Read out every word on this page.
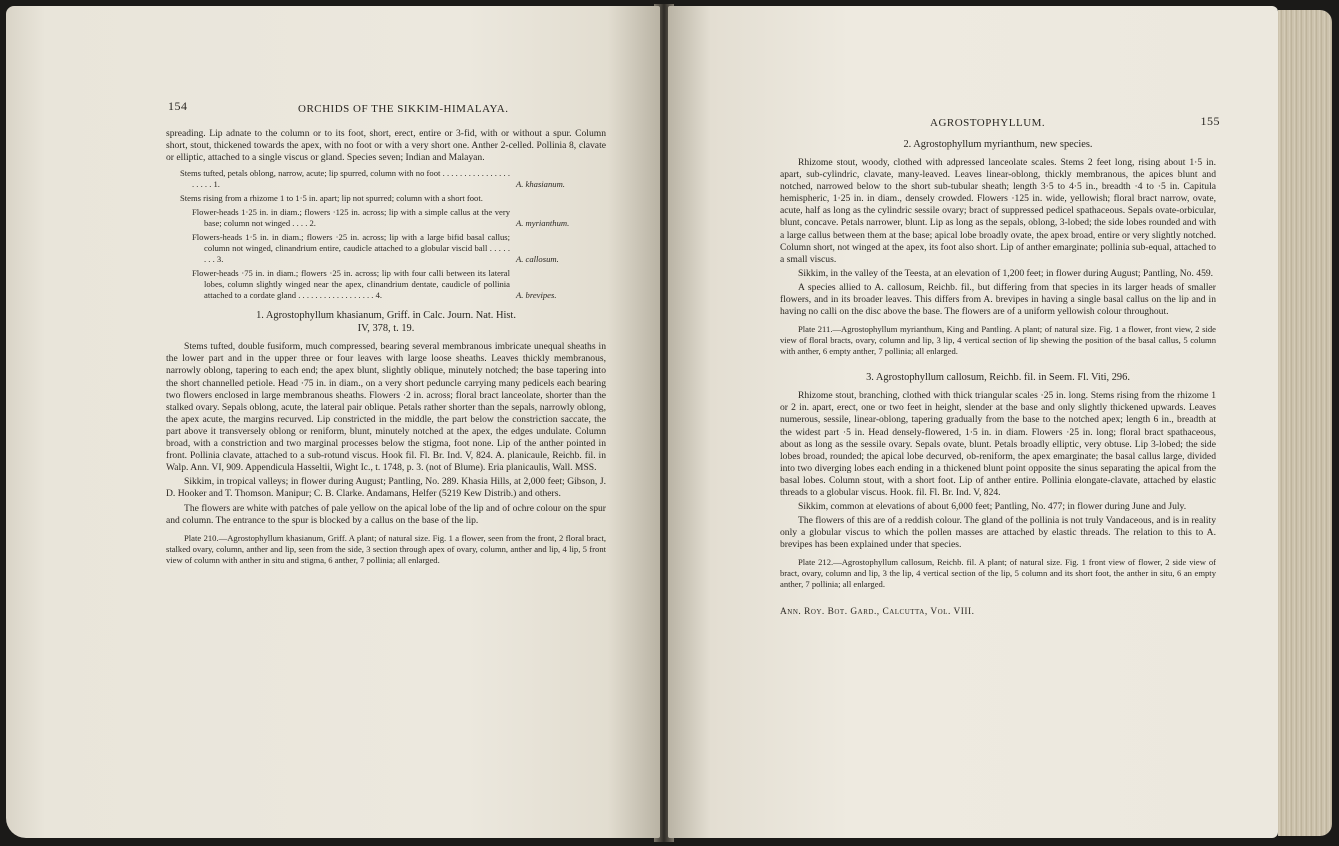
154	ORCHIDS OF THE SIKKIM-HIMALAYA.

spreading. Lip adnate to the column or to its foot, short, erect, entire or 3-fid, with or without a spur. Column short, stout, thickened towards the apex, with no foot or with a very short one. Anther 2-celled. Pollinia 8, clavate or elliptic, attached to a single viscus or gland. Species seven; Indian and Malayan.

Stems tufted, petals oblong, narrow, acute; lip spurred, column with no foot . . . . . . . . . . . . . . . . . . . . . 1.	A. khasianum.
Stems rising from a rhizome 1 to 1·5 in. apart; lip not spurred; column with a short foot.
Flower-heads 1·25 in. in diam.; flowers ·125 in. across; lip with a simple callus at the very base; column not winged . . . . 2.	A. myrianthum.
Flowers-heads 1·5 in. in diam.; flowers ·25 in. across; lip with a large bifid basal callus; column not winged, clinandrium entire, caudicle attached to a globular viscid ball . . . . . . . . 3.	A. callosum.
Flower-heads ·75 in. in diam.; flowers ·25 in. across; lip with four calli between its lateral lobes, column slightly winged near the apex, clinandrium dentate, caudicle of pollinia attached to a cordate gland . . . . . . . . . . . . . . . . . . 4.	A. brevipes.
1. Agrostophyllum khasianum, Griff. in Calc. Journ. Nat. Hist.
IV, 378, t. 19.

Stems tufted, double fusiform, much compressed, bearing several membranous imbricate unequal sheaths in the lower part and in the upper three or four leaves with large loose sheaths. Leaves thickly membranous, narrowly oblong, tapering to each end; the apex blunt, slightly oblique, minutely notched; the base tapering into the short channelled petiole. Head ·75 in. in diam., on a very short peduncle carrying many pedicels each bearing two flowers enclosed in large membranous sheaths. Flowers ·2 in. across; floral bract lanceolate, shorter than the stalked ovary. Sepals oblong, acute, the lateral pair oblique. Petals rather shorter than the sepals, narrowly oblong, the apex acute, the margins recurved. Lip constricted in the middle, the part below the constriction saccate, the part above it transversely oblong or reniform, blunt, minutely notched at the apex, the edges undulate. Column broad, with a constriction and two marginal processes below the stigma, foot none. Lip of the anther pointed in front. Pollinia clavate, attached to a sub-rotund viscus. Hook fil. Fl. Br. Ind. V, 824. A. planicaule, Reichb. fil. in Walp. Ann. VI, 909. Appendicula Hasseltii, Wight Ic., t. 1748, p. 3. (not of Blume). Eria planicaulis, Wall. MSS.

Sikkim, in tropical valleys; in flower during August; Pantling, No. 289. Khasia Hills, at 2,000 feet; Gibson, J. D. Hooker and T. Thomson. Manipur; C. B. Clarke. Andamans, Helfer (5219 Kew Distrib.) and others.

The flowers are white with patches of pale yellow on the apical lobe of the lip and of ochre colour on the spur and column. The entrance to the spur is blocked by a callus on the base of the lip.

Plate 210.—Agrostophyllum khasianum, Griff. A plant; of natural size. Fig. 1 a flower, seen from the front, 2 floral bract, stalked ovary, column, anther and lip, seen from the side, 3 section through apex of ovary, column, anther and lip, 4 lip, 5 front view of column with anther in situ and stigma, 6 anther, 7 pollinia; all enlarged.

AGROSTOPHYLLUM.	155
2. Agrostophyllum myrianthum, new species.

Rhizome stout, woody, clothed with adpressed lanceolate scales. Stems 2 feet long, rising about 1·5 in. apart, sub-cylindric, clavate, many-leaved. Leaves linear-oblong, thickly membranous, the apices blunt and notched, narrowed below to the short sub-tubular sheath; length 3·5 to 4·5 in., breadth ·4 to ·5 in. Capitula hemispheric, 1·25 in. in diam., densely crowded. Flowers ·125 in. wide, yellowish; floral bract narrow, ovate, acute, half as long as the cylindric sessile ovary; bract of suppressed pedicel spathaceous. Sepals ovate-orbicular, blunt, concave. Petals narrower, blunt. Lip as long as the sepals, oblong, 3-lobed; the side lobes rounded and with a large callus between them at the base; apical lobe broadly ovate, the apex broad, entire or very slightly notched. Column short, not winged at the apex, its foot also short. Lip of anther emarginate; pollinia sub-equal, attached to a small viscus.

Sikkim, in the valley of the Teesta, at an elevation of 1,200 feet; in flower during August; Pantling, No. 459.

A species allied to A. callosum, Reichb. fil., but differing from that species in its larger heads of smaller flowers, and in its broader leaves. This differs from A. brevipes in having a single basal callus on the lip and in having no calli on the disc above the base. The flowers are of a uniform yellowish colour throughout.

Plate 211.—Agrostophyllum myrianthum, King and Pantling. A plant; of natural size. Fig. 1 a flower, front view, 2 side view of floral bracts, ovary, column and lip, 3 lip, 4 vertical section of lip shewing the position of the basal callus, 5 column with anther, 6 empty anther, 7 pollinia; all enlarged.

3. Agrostophyllum callosum, Reichb. fil. in Seem. Fl. Viti, 296.

Rhizome stout, branching, clothed with thick triangular scales ·25 in. long. Stems rising from the rhizome 1 or 2 in. apart, erect, one or two feet in height, slender at the base and only slightly thickened upwards. Leaves numerous, sessile, linear-oblong, tapering gradually from the base to the notched apex; length 6 in., breadth at the widest part ·5 in. Head densely-flowered, 1·5 in. in diam. Flowers ·25 in. long; floral bract spathaceous, about as long as the sessile ovary. Sepals ovate, blunt. Petals broadly elliptic, very obtuse. Lip 3-lobed; the side lobes broad, rounded; the apical lobe decurved, ob-reniform, the apex emarginate; the basal callus large, divided into two diverging lobes each ending in a thickened blunt point opposite the sinus separating the apical from the basal lobes. Column stout, with a short foot. Lip of anther entire. Pollinia elongate-clavate, attached by elastic threads to a globular viscus. Hook. fil. Fl. Br. Ind. V, 824.

Sikkim, common at elevations of about 6,000 feet; Pantling, No. 477; in flower during June and July.

The flowers of this are of a reddish colour. The gland of the pollinia is not truly Vandaceous, and is in reality only a globular viscus to which the pollen masses are attached by elastic threads. The relation to this to A. brevipes has been explained under that species.

Plate 212.—Agrostophyllum callosum, Reichb. fil. A plant; of natural size. Fig. 1 front view of flower, 2 side view of bract, ovary, column and lip, 3 the lip, 4 vertical section of the lip, 5 column and its short foot, the anther in situ, 6 an empty anther, 7 pollinia; all enlarged.

Ann. Roy. Bot. Gard., Calcutta, Vol. VIII.
